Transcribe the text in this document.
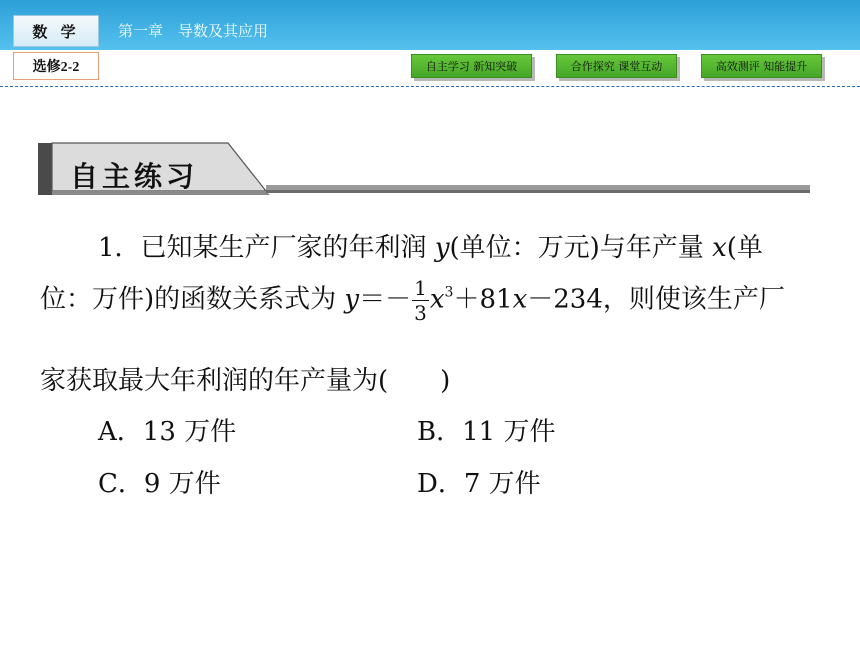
数 学	第一章　导数及其应用
选修2-2	自主学习 新知突破	合作探究 课堂互动	高效测评 知能提升
自主练习
1．已知某生产厂家的年利润 y(单位：万元)与年产量 x(单
位：万件)的函数关系式为 $y=- \frac{1}{3} x^3+81x-234$，则使该生产厂
家获取最大年利润的年产量为(　　)
A．13 万件	B．11 万件
C．9 万件	D．7 万件
